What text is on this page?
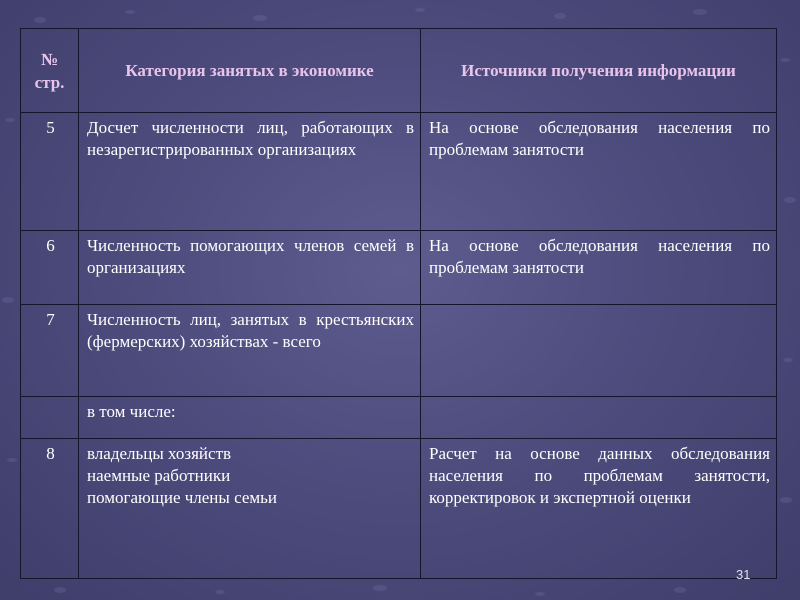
№ стр.	Категория занятых в экономике	Источники получения информации
5	Досчет численности лиц, работающих в незарегистрированных организациях	На основе обследования населения по проблемам занятости
6	Численность помогающих членов семей в организациях	На основе обследования населения по проблемам занятости
7	Численность лиц, занятых в крестьянских (фермерских) хозяйствах - всего	
	в том числе:	
8	владельцы хозяйств
наемные работники
помогающие члены семьи	Расчет на основе данных обследования населения по проблемам занятости, корректировок и экспертной оценки
31
